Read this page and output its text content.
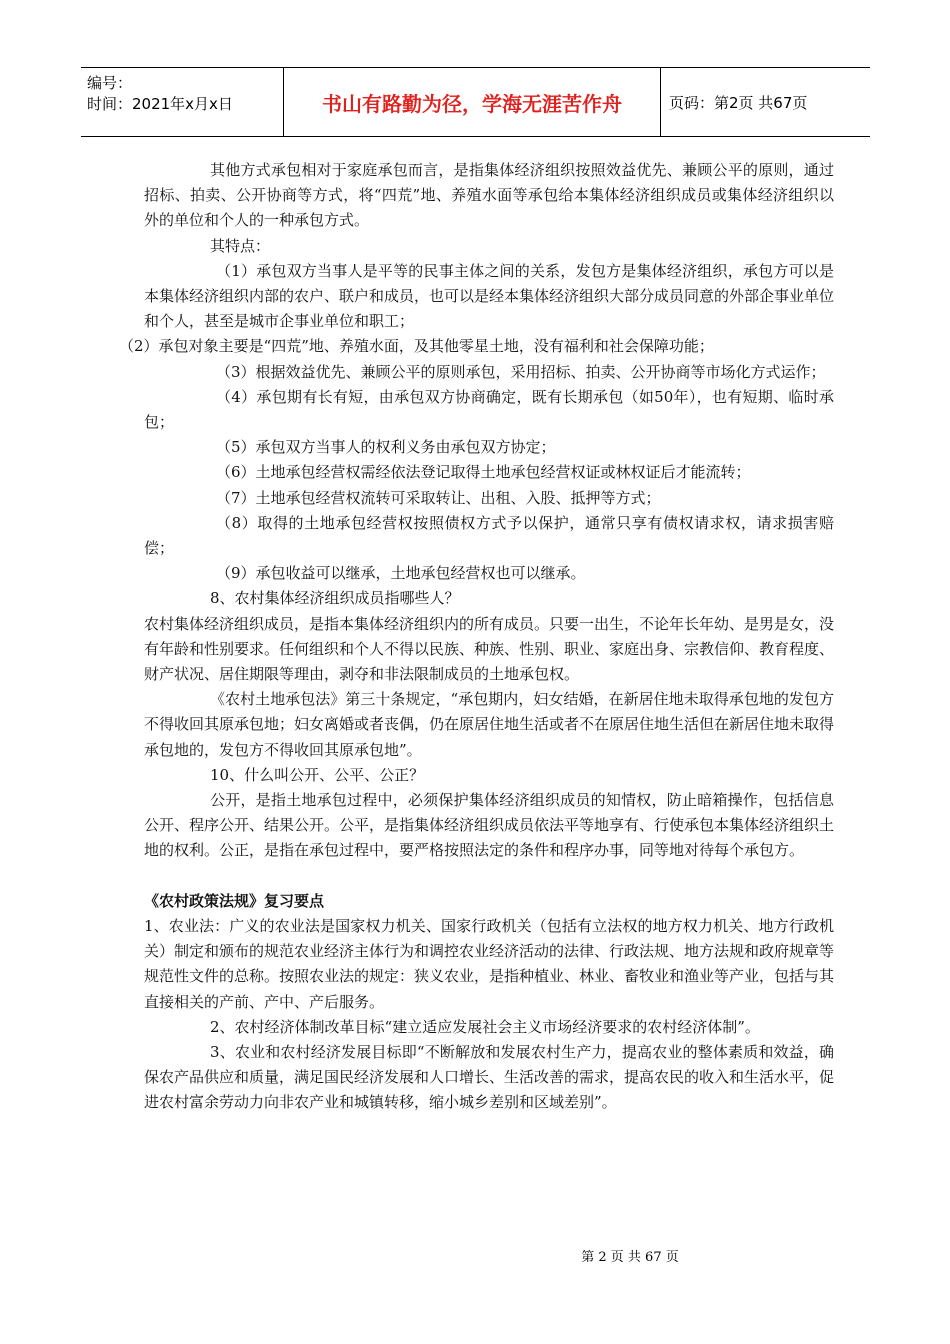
编号：
时间：2021年x月x日	书山有路勤为径，学海无涯苦作舟	页码：第2页 共67页

其他方式承包相对于家庭承包而言，是指集体经济组织按照效益优先、兼顾公平的原则，通过招标、拍卖、公开协商等方式，将“四荒”地、养殖水面等承包给本集体经济组织成员或集体经济组织以外的单位和个人的一种承包方式。

其特点：

（1）承包双方当事人是平等的民事主体之间的关系，发包方是集体经济组织，承包方可以是本集体经济组织内部的农户、联户和成员，也可以是经本集体经济组织大部分成员同意的外部企事业单位和个人，甚至是城市企事业单位和职工；

（2）承包对象主要是“四荒”地、养殖水面，及其他零星土地，没有福利和社会保障功能；

（3）根据效益优先、兼顾公平的原则承包，采用招标、拍卖、公开协商等市场化方式运作；

（4）承包期有长有短，由承包双方协商确定，既有长期承包（如50年），也有短期、临时承包；

（5）承包双方当事人的权利义务由承包双方协定；

（6）土地承包经营权需经依法登记取得土地承包经营权证或林权证后才能流转；

（7）土地承包经营权流转可采取转让、出租、入股、抵押等方式；

（8）取得的土地承包经营权按照债权方式予以保护，通常只享有债权请求权，请求损害赔偿；

（9）承包收益可以继承，土地承包经营权也可以继承。

8、农村集体经济组织成员指哪些人？

农村集体经济组织成员，是指本集体经济组织内的所有成员。只要一出生，不论年长年幼、是男是女，没有年龄和性别要求。任何组织和个人不得以民族、种族、性别、职业、家庭出身、宗教信仰、教育程度、财产状况、居住期限等理由，剥夺和非法限制成员的土地承包权。

《农村土地承包法》第三十条规定，“承包期内，妇女结婚，在新居住地未取得承包地的发包方不得收回其原承包地；妇女离婚或者丧偶，仍在原居住地生活或者不在原居住地生活但在新居住地未取得承包地的，发包方不得收回其原承包地”。

10、什么叫公开、公平、公正？

公开，是指土地承包过程中，必须保护集体经济组织成员的知情权，防止暗箱操作，包括信息公开、程序公开、结果公开。公平，是指集体经济组织成员依法平等地享有、行使承包本集体经济组织土地的权利。公正，是指在承包过程中，要严格按照法定的条件和程序办事，同等地对待每个承包方。

《农村政策法规》复习要点

1、农业法：广义的农业法是国家权力机关、国家行政机关（包括有立法权的地方权力机关、地方行政机关）制定和颁布的规范农业经济主体行为和调控农业经济活动的法律、行政法规、地方法规和政府规章等规范性文件的总称。按照农业法的规定：狭义农业，是指种植业、林业、畜牧业和渔业等产业，包括与其直接相关的产前、产中、产后服务。

2、农村经济体制改革目标“建立适应发展社会主义市场经济要求的农村经济体制”。

3、农业和农村经济发展目标即“不断解放和发展农村生产力，提高农业的整体素质和效益，确保农产品供应和质量，满足国民经济发展和人口增长、生活改善的需求，提高农民的收入和生活水平，促进农村富余劳动力向非农产业和城镇转移，缩小城乡差别和区域差别”。

第 2 页 共 67 页
